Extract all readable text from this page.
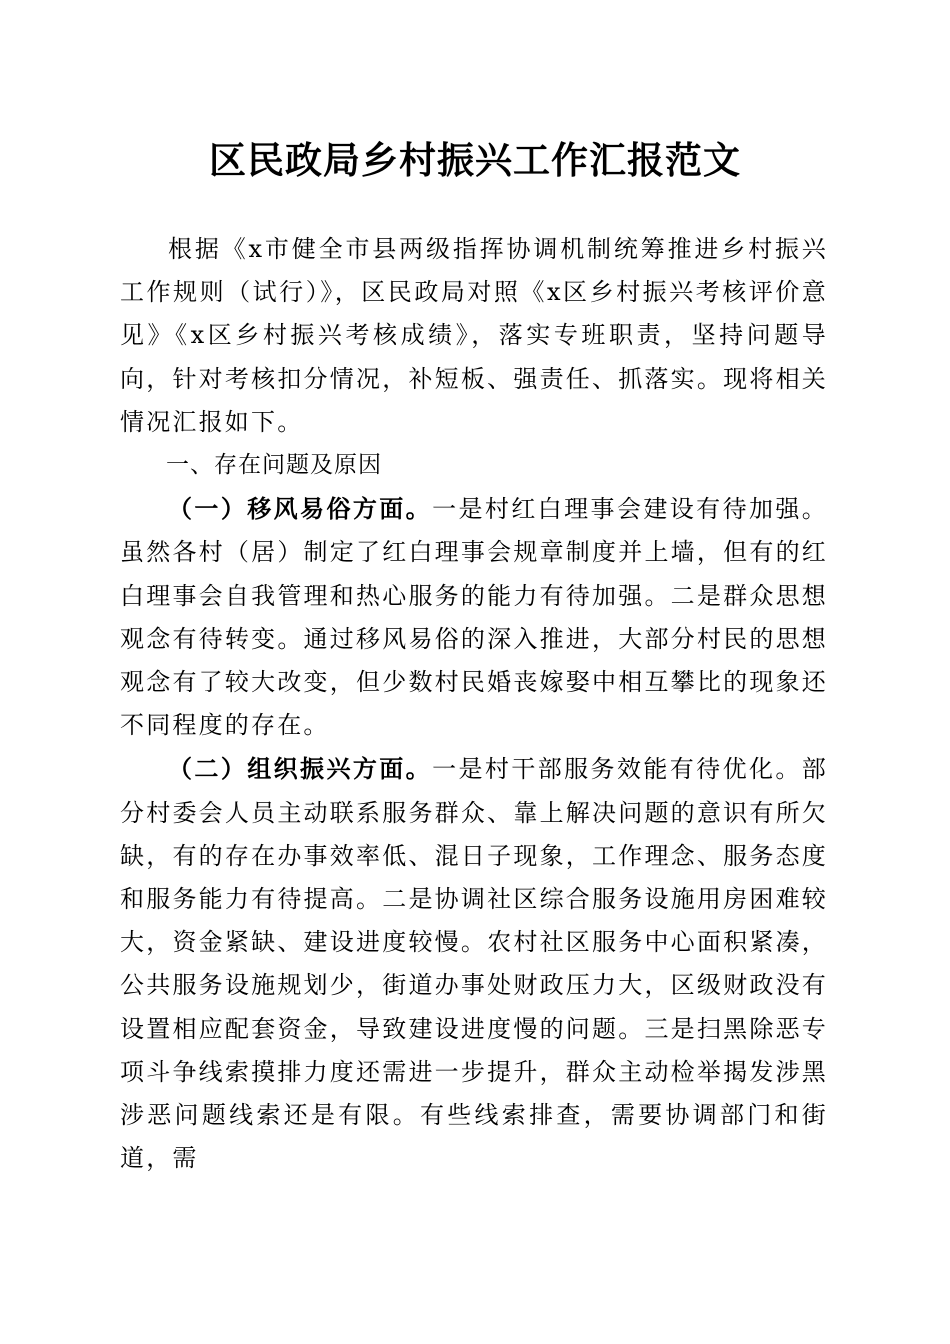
区民政局乡村振兴工作汇报范文

根据《x市健全市县两级指挥协调机制统筹推进乡村振兴工作规则（试行）》，区民政局对照《x区乡村振兴考核评价意见》《x区乡村振兴考核成绩》，落实专班职责，坚持问题导向，针对考核扣分情况，补短板、强责任、抓落实。现将相关情况汇报如下。

一、存在问题及原因

（一）移风易俗方面。一是村红白理事会建设有待加强。虽然各村（居）制定了红白理事会规章制度并上墙，但有的红白理事会自我管理和热心服务的能力有待加强。二是群众思想观念有待转变。通过移风易俗的深入推进，大部分村民的思想观念有了较大改变，但少数村民婚丧嫁娶中相互攀比的现象还不同程度的存在。

（二）组织振兴方面。一是村干部服务效能有待优化。部分村委会人员主动联系服务群众、靠上解决问题的意识有所欠缺，有的存在办事效率低、混日子现象，工作理念、服务态度和服务能力有待提高。二是协调社区综合服务设施用房困难较大，资金紧缺、建设进度较慢。农村社区服务中心面积紧凑，公共服务设施规划少，街道办事处财政压力大，区级财政没有设置相应配套资金，导致建设进度慢的问题。三是扫黑除恶专项斗争线索摸排力度还需进一步提升，群众主动检举揭发涉黑涉恶问题线索还是有限。有些线索排查，需要协调部门和街道，需
